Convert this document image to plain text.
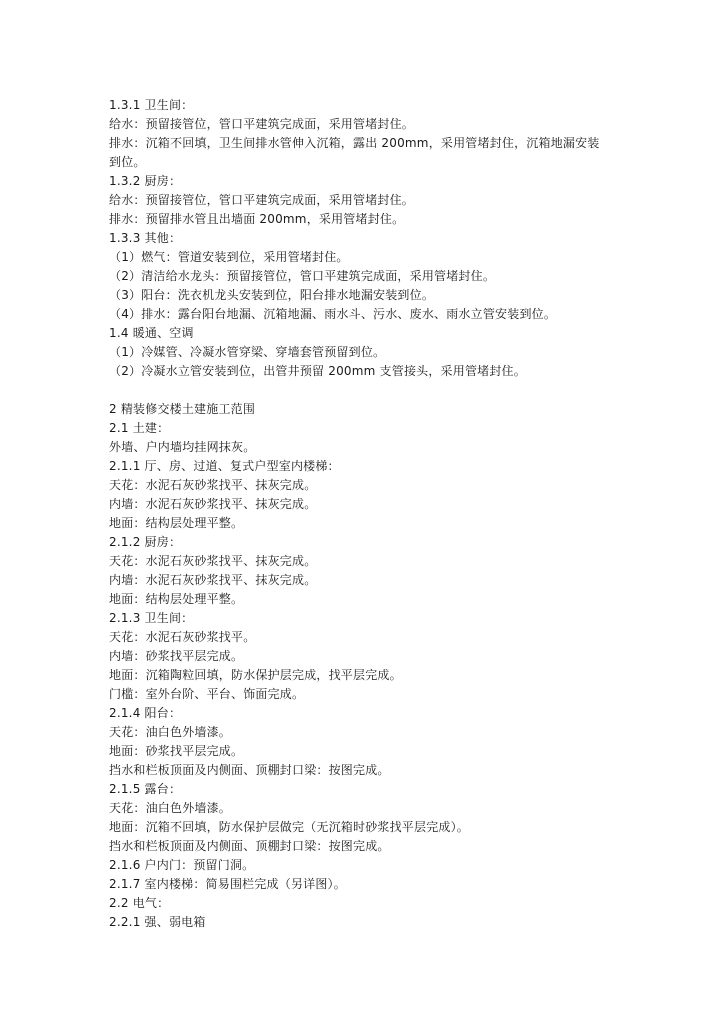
1.3.1 卫生间：
给水：预留接管位，管口平建筑完成面，采用管堵封住。
排水：沉箱不回填，卫生间排水管伸入沉箱，露出 200mm，采用管堵封住，沉箱地漏安装
到位。
1.3.2 厨房：
给水：预留接管位，管口平建筑完成面，采用管堵封住。
排水：预留排水管且出墙面 200mm，采用管堵封住。
1.3.3 其他：
（1）燃气：管道安装到位，采用管堵封住。
（2）清洁给水龙头：预留接管位，管口平建筑完成面，采用管堵封住。
（3）阳台：洗衣机龙头安装到位，阳台排水地漏安装到位。
（4）排水：露台阳台地漏、沉箱地漏、雨水斗、污水、废水、雨水立管安装到位。
1.4 暖通、空调
（1）冷媒管、冷凝水管穿梁、穿墙套管预留到位。
（2）冷凝水立管安装到位，出管井预留 200mm 支管接头，采用管堵封住。
2 精装修交楼土建施工范围
2.1 土建：
外墙、户内墙均挂网抹灰。
2.1.1 厅、房、过道、复式户型室内楼梯：
天花：水泥石灰砂浆找平、抹灰完成。
内墙：水泥石灰砂浆找平、抹灰完成。
地面：结构层处理平整。
2.1.2 厨房：
天花：水泥石灰砂浆找平、抹灰完成。
内墙：水泥石灰砂浆找平、抹灰完成。
地面：结构层处理平整。
2.1.3 卫生间：
天花：水泥石灰砂浆找平。
内墙：砂浆找平层完成。
地面：沉箱陶粒回填，防水保护层完成，找平层完成。
门槛：室外台阶、平台、饰面完成。
2.1.4 阳台：
天花：油白色外墙漆。
地面：砂浆找平层完成。
挡水和栏板顶面及内侧面、顶棚封口梁：按图完成。
2.1.5 露台：
天花：油白色外墙漆。
地面：沉箱不回填，防水保护层做完（无沉箱时砂浆找平层完成）。
挡水和栏板顶面及内侧面、顶棚封口梁：按图完成。
2.1.6 户内门：预留门洞。
2.1.7 室内楼梯：简易围栏完成（另详图）。
2.2 电气：
2.2.1 强、弱电箱
